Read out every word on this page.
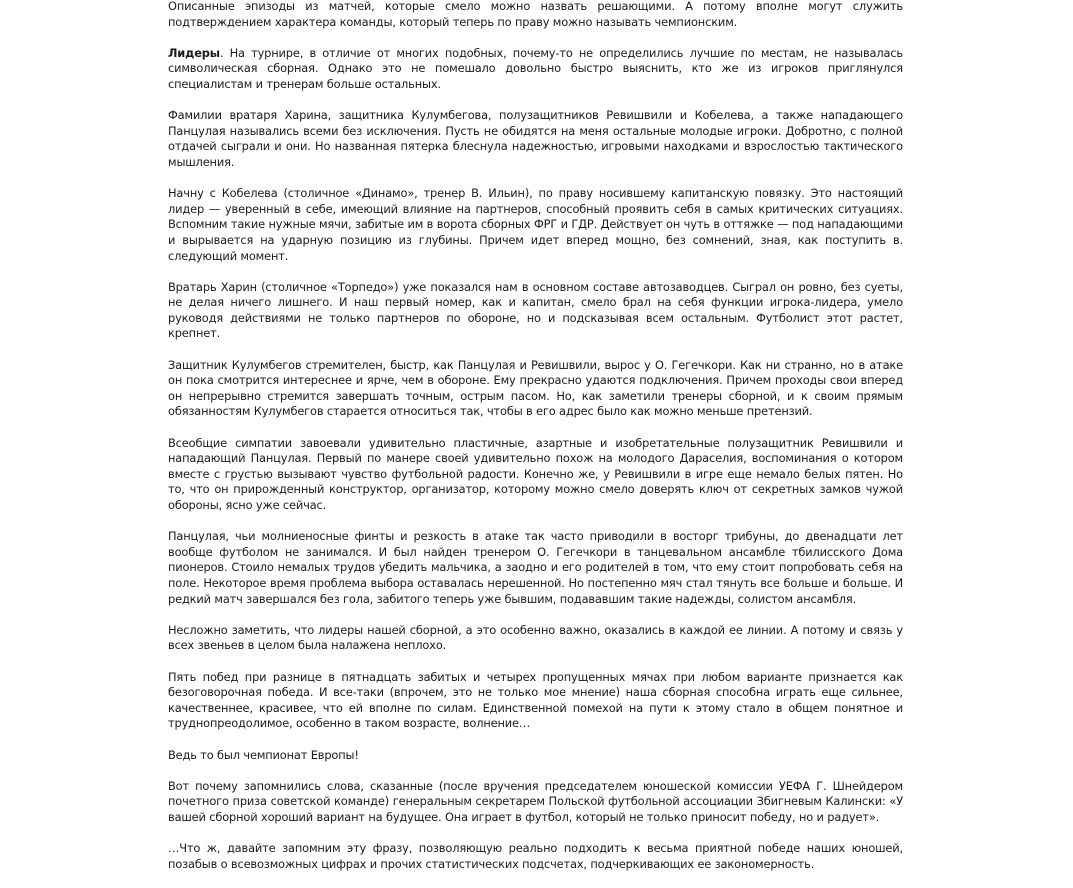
Описанные эпизоды из матчей, которые смело можно назвать решающими. А потому вполне могут служить подтверждением характера команды, который теперь по праву можно называть чемпионским.

Лидеры. На турнире, в отличие от многих подобных, почему-то не определились лучшие по местам, не называлась символическая сборная. Однако это не помешало довольно быстро выяснить, кто же из игроков приглянулся специалистам и тренерам больше остальных.

Фамилии вратаря Харина, защитника Кулумбегова, полузащитников Ревишвили и Кобелева, а также нападающего Панцулая назывались всеми без исключения. Пусть не обидятся на меня остальные молодые игроки. Добротно, с полной отдачей сыграли и они. Но названная пятерка блеснула надежностью, игровыми находками и взрослостью тактического мышления.

Начну с Кобелева (столичное «Динамо», тренер В. Ильин), по праву носившему капитанскую повязку. Это настоящий лидер — уверенный в себе, имеющий влияние на партнеров, способный проявить себя в самых критических ситуациях. Вспомним такие нужные мячи, забитые им в ворота сборных ФРГ и ГДР. Действует он чуть в оттяжке — под нападающими и вырывается на ударную позицию из глубины. Причем идет вперед мощно, без сомнений, зная, как поступить в. следующий момент.

Вратарь Харин (столичное «Торпедо») уже показался нам в основном составе автозаводцев. Сыграл он ровно, без суеты, не делая ничего лишнего. И наш первый номер, как и капитан, смело брал на себя функции игрока-лидера, умело руководя действиями не только партнеров по обороне, но и подсказывая всем остальным. Футболист этот растет, крепнет.

Защитник Кулумбегов стремителен, быстр, как Панцулая и Ревишвили, вырос у О. Гегечкори. Как ни странно, но в атаке он пока смотрится интереснее и ярче, чем в обороне. Ему прекрасно удаются подключения. Причем проходы свои вперед он непрерывно стремится завершать точным, острым пасом. Но, как заметили тренеры сборной, и к своим прямым обязанностям Кулумбегов старается относиться так, чтобы в его адрес было как можно меньше претензий.

Всеобщие симпатии завоевали удивительно пластичные, азартные и изобретательные полузащитник Ревишвили и нападающий Панцулая. Первый по манере своей удивительно похож на молодого Дараселия, воспоминания о котором вместе с грустью вызывают чувство футбольной радости. Конечно же, у Ревишвили в игре еще немало белых пятен. Но то, что он прирожденный конструктор, организатор, которому можно смело доверять ключ от секретных замков чужой обороны, ясно уже сейчас.

Панцулая, чьи молниеносные финты и резкость в атаке так часто приводили в восторг трибуны, до двенадцати лет вообще футболом не занимался. И был найден тренером О. Гегечкори в танцевальном ансамбле тбилисского Дома пионеров. Стоило немалых трудов убедить мальчика, а заодно и его родителей в том, что ему стоит попробовать себя на поле. Некоторое время проблема выбора оставалась нерешенной. Но постепенно мяч стал тянуть все больше и больше. И редкий матч завершался без гола, забитого теперь уже бывшим, подававшим такие надежды, солистом ансамбля.

Несложно заметить, что лидеры нашей сборной, а это особенно важно, оказались в каждой ее линии. А потому и связь у всех звеньев в целом была налажена неплохо.

Пять побед при разнице в пятнадцать забитых и четырех пропущенных мячах при любом варианте признается как безоговорочная победа. И все-таки (впрочем, это не только мое мнение) наша сборная способна играть еще сильнее, качественнее, красивее, что ей вполне по силам. Единственной помехой на пути к этому стало в общем понятное и труднопреодолимое, особенно в таком возрасте, волнение…

Ведь то был чемпионат Европы!

Вот почему запомнились слова, сказанные (после вручения председателем юношеской комиссии УЕФА Г. Шнейдером почетного приза советской команде) генеральным секретарем Польской футбольной ассоциации Збигневым Калински: «У вашей сборной хороший вариант на будущее. Она играет в футбол, который не только приносит победу, но и радует».

…Что ж, давайте запомним эту фразу, позволяющую реально подходить к весьма приятной победе наших юношей, позабыв о всевозможных цифрах и прочих статистических подсчетах, подчеркивающих ее закономерность.
